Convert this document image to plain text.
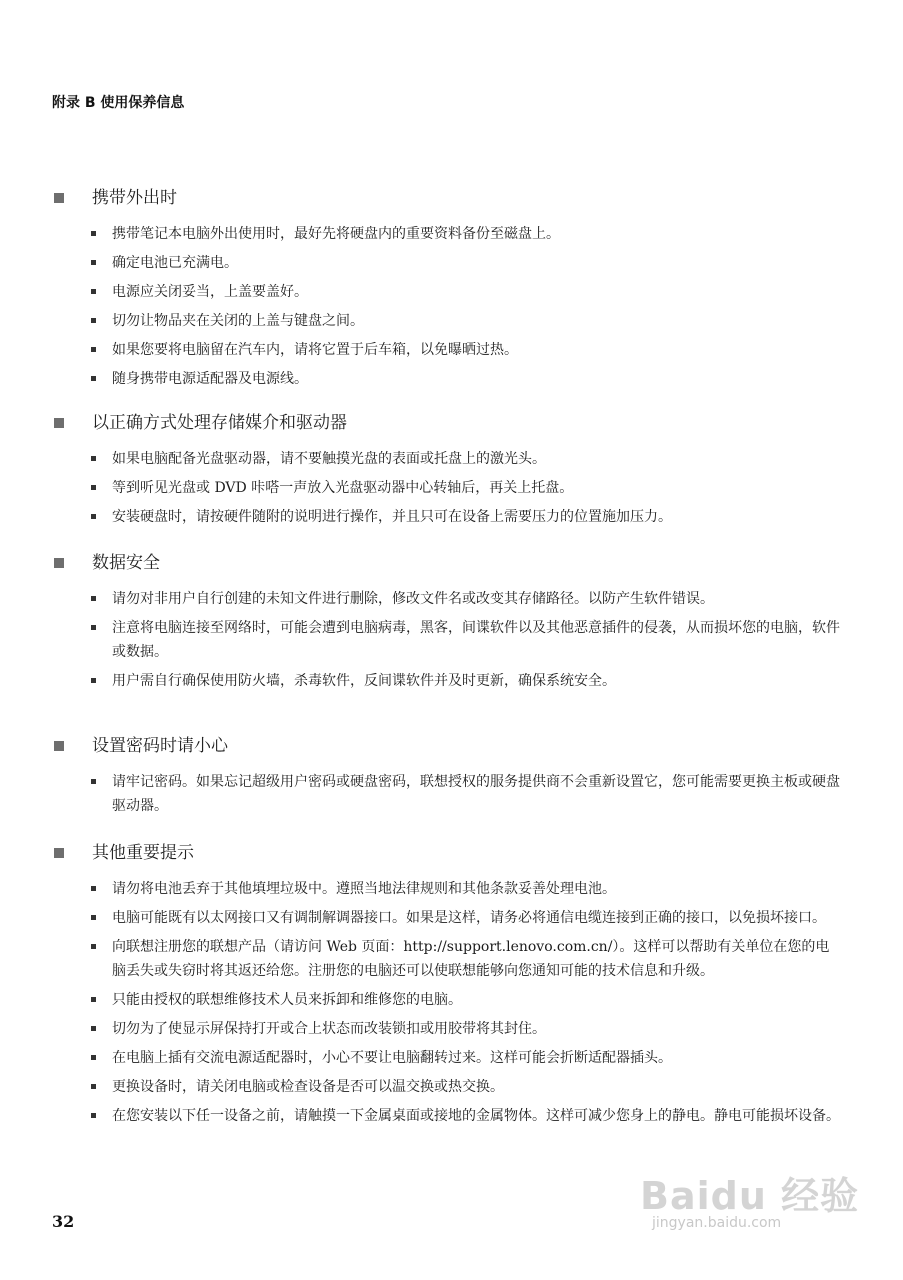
附录 B 使用保养信息
携带外出时
携带笔记本电脑外出使用时，最好先将硬盘内的重要资料备份至磁盘上。
确定电池已充满电。
电源应关闭妥当，上盖要盖好。
切勿让物品夹在关闭的上盖与键盘之间。
如果您要将电脑留在汽车内，请将它置于后车箱，以免曝晒过热。
随身携带电源适配器及电源线。
以正确方式处理存储媒介和驱动器
如果电脑配备光盘驱动器，请不要触摸光盘的表面或托盘上的激光头。
等到听见光盘或 DVD 咔嗒一声放入光盘驱动器中心转轴后，再关上托盘。
安装硬盘时，请按硬件随附的说明进行操作，并且只可在设备上需要压力的位置施加压力。
数据安全
请勿对非用户自行创建的未知文件进行删除，修改文件名或改变其存储路径。以防产生软件错误。
注意将电脑连接至网络时，可能会遭到电脑病毒，黑客，间谍软件以及其他恶意插件的侵袭，从而损坏您的电脑，软件或数据。
用户需自行确保使用防火墙，杀毒软件，反间谍软件并及时更新，确保系统安全。
设置密码时请小心
请牢记密码。如果忘记超级用户密码或硬盘密码，联想授权的服务提供商不会重新设置它，您可能需要更换主板或硬盘驱动器。
其他重要提示
请勿将电池丢弃于其他填埋垃圾中。遵照当地法律规则和其他条款妥善处理电池。
电脑可能既有以太网接口又有调制解调器接口。如果是这样，请务必将通信电缆连接到正确的接口，以免损坏接口。
向联想注册您的联想产品（请访问 Web 页面：http://support.lenovo.com.cn/）。这样可以帮助有关单位在您的电脑丢失或失窃时将其返还给您。注册您的电脑还可以使联想能够向您通知可能的技术信息和升级。
只能由授权的联想维修技术人员来拆卸和维修您的电脑。
切勿为了使显示屏保持打开或合上状态而改装锁扣或用胶带将其封住。
在电脑上插有交流电源适配器时，小心不要让电脑翻转过来。这样可能会折断适配器插头。
更换设备时，请关闭电脑或检查设备是否可以温交换或热交换。
在您安装以下任一设备之前，请触摸一下金属桌面或接地的金属物体。这样可减少您身上的静电。静电可能损坏设备。
32
Baidu 经验
jingyan.baidu.com
